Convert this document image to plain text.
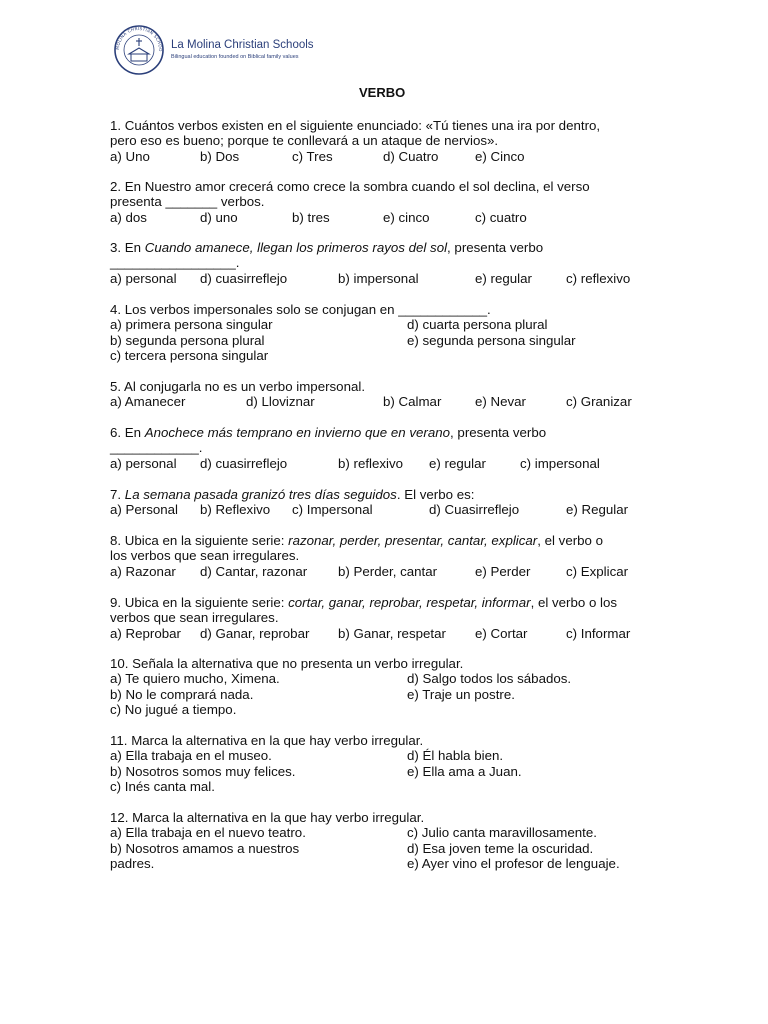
MOLINA CHRISTIAN SCHOO La Molina Christian Schools
Bilingual education founded on Biblical family values
VERBO

1. Cuántos verbos existen en el siguiente enunciado: «Tú tienes una ira por dentro,

pero eso es bueno; porque te conllevará a un ataque de nervios».

a) Uno	b) Dos	c) Tres	d) Cuatro	e) Cinco

2. En Nuestro amor crecerá como crece la sombra cuando el sol declina, el verso

presenta _______ verbos.

a) dos	d) uno	b) tres	e) cinco	c) cuatro

3. En Cuando amanece, llegan los primeros rayos del sol, presenta verbo

_________________.

a) personal d) cuasirreflejo	b) impersonal	e) regular	c) reflexivo

4. Los verbos impersonales solo se conjugan en ____________.

a) primera persona singular	d) cuarta persona plural
b) segunda persona plural	e) segunda persona singular
c) tercera persona singular

5. Al conjugarla no es un verbo impersonal.

a) Amanecer	d) Lloviznar	b) Calmar	e) Nevar	c) Granizar

6. En Anochece más temprano en invierno que en verano, presenta verbo

____________.

a) personal d) cuasirreflejo	b) reflexivo e) regular	c) impersonal

7. La semana pasada granizó tres días seguidos. El verbo es:

a) Personal b) Reflexivo c) Impersonal	d) Cuasirreflejo	e) Regular

8. Ubica en la siguiente serie: razonar, perder, presentar, cantar, explicar, el verbo o

los verbos que sean irregulares.

a) Razonar d) Cantar, razonar b) Perder, cantar	e) Perder	c) Explicar

9. Ubica en la siguiente serie: cortar, ganar, reprobar, respetar, informar, el verbo o los

verbos que sean irregulares.

a) Reprobar d) Ganar, reprobar b) Ganar, respetar e) Cortar	c) Informar

10. Señala la alternativa que no presenta un verbo irregular.

a) Te quiero mucho, Ximena.	d) Salgo todos los sábados.
b) No le comprará nada.	e) Traje un postre.
c) No jugué a tiempo.

11. Marca la alternativa en la que hay verbo irregular.

a) Ella trabaja en el museo.	d) Él habla bien.
b) Nosotros somos muy felices.	e) Ella ama a Juan.
c) Inés canta mal.

12. Marca la alternativa en la que hay verbo irregular.

a) Ella trabaja en el nuevo teatro.	c) Julio canta maravillosamente.
b) Nosotros amamos a nuestros	d) Esa joven teme la oscuridad.
padres.	e) Ayer vino el profesor de lenguaje.
